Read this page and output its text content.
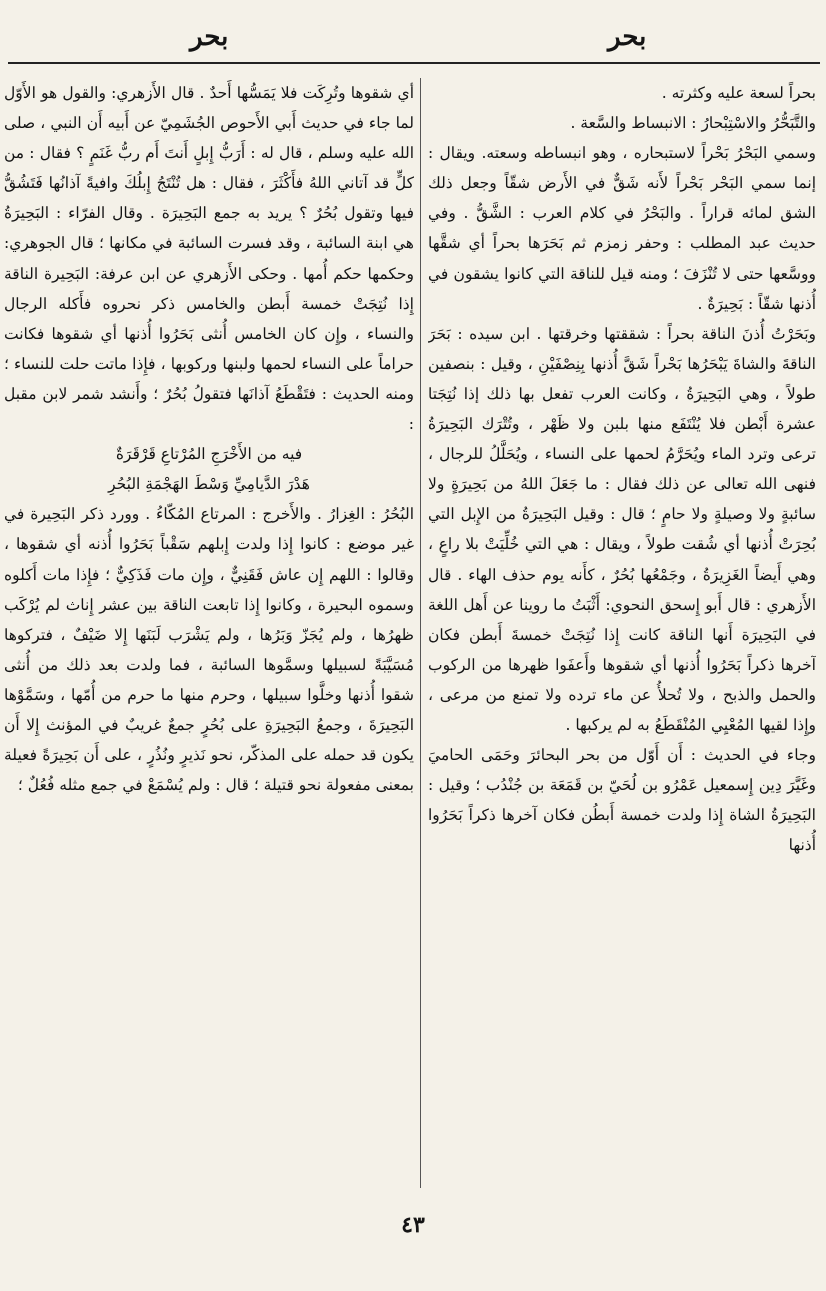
بحر	بحر

بحراً لسعة عليه وكثرته .

والتَّبَحُّرُ والاسْتِبْحارُ : الانبساط والسَّعة .

وسمي البَحْرُ بَحْراً لاستبحاره ، وهو انبساطه وسعته. ويقال : إنما سمي البَحْر بَحْراً لأَنه شَقٌّ في الأَرض شقّاً وجعل ذلك الشق لمائه قراراً . والبَحْرُ في كلام العرب : الشَّقُّ . وفي حديث عبد المطلب : وحفر زمزم ثم بَحَرَها بحراً أي شقَّها ووسَّعها حتى لا تُنْزَفَ ؛ ومنه قيل للناقة التي كانوا يشقون في أُذنها شقّاً : بَحِيرَةٌ .

وبَحَرْتُ أُذنَ الناقة بحراً : شققتها وخرقتها . ابن سيده : بَحَرَ الناقةَ والشاةَ يَبْحَرُها بَحْراً شَقَّ أُذنها بِنِصْفَيْنِ ، وقيل : بنصفين طولاً ، وهي البَحِيرَةُ ، وكانت العرب تفعل بها ذلك إذا نُتِجَتا عشرة أَبْطن فلا يُنْتَفَع منها بلبن ولا ظَهْر ، وتُتْرَك البَحِيرَةُ ترعى وترد الماء ويُحَرَّمُ لحمها على النساء ، ويُحَلَّلُ للرجال ، فنهى الله تعالى عن ذلك فقال : ما جَعَلَ اللهُ من بَحِيرَةٍ ولا سائبةٍ ولا وصيلةٍ ولا حامٍ ؛ قال : وقيل البَحِيرَةُ من الإِبل التي بُحِرَتْ أُذنها أي شُقت طولاً ، ويقال : هي التي خُلِّيَتْ بلا راعٍ ، وهي أَيضاً الغَزِيرَةُ ، وجَمْعُها بُحُرٌ ، كأَنه يوم حذف الهاء . قال الأَزهري : قال أَبو إِسحق النحوي: أَثْبَتُ ما روينا عن أَهل اللغة في البَحِيرَة أَنها الناقة كانت إِذا نُتِجَتْ خمسةَ أَبطن فكان آخرها ذكراً بَحَرُوا أُذنها أي شقوها وأَعفَوا ظهرها من الركوب والحمل والذبح ، ولا تُحلأُ عن ماء ترده ولا تمنع من مرعى ، وإِذا لقيها المُعْيِي المُنْقَطَعُ به لم يركبها .

وجاء في الحديث : أَن أَوّل من بحر البحائرَ وحَمَى الحاميَ وغَيَّرَ دِين إِسمعيل عَمْرُو بن لُحَيّ بن قَمَعَة بن جُنْدُب ؛ وقيل : البَحِيرَةُ الشاة إِذا ولدت خمسة أَبطُن فكان آخرها ذكراً بَحَرُوا أُذنها

أي شقوها وتُرِكَت فلا يَمَسُّها أَحدٌ . قال الأَزهري: والقول هو الأَوّل لما جاء في حديث أَبي الأَحوص الجُشَمِيّ عن أَبيه أَن النبي ، صلى الله عليه وسلم ، قال له : أَرَبُّ إِبلٍ أَنتَ أَم ربُّ غَنَمٍ ؟ فقال : من كلٍّ قد آتاني اللهُ فأَكْثَرَ ، فقال : هل تُنْتَجُ إِبلُكَ وافيةً آذانُها فَتَشُقُّ فيها وتقول بُحُرٌ ؟ يريد به جمع البَحِيرَة . وقال الفرّاء : البَحِيرَةُ هي ابنة السائبة ، وقد فسرت السائبة في مكانها ؛ قال الجوهري: وحكمها حكم أُمها . وحكى الأَزهري عن ابن عرفة: البَحِيرة الناقة إِذا نُتِجَتْ خمسة أَبطن والخامس ذكر نحروه فأَكله الرجال والنساء ، وإِن كان الخامس أُنثى بَحَرُوا أُذنها أي شقوها فكانت حراماً على النساء لحمها ولبنها وركوبها ، فإِذا ماتت حلت للنساء ؛ ومنه الحديث : فتَقْطَعُ آذانَها فتقولُ بُحُرٌ ؛ وأَنشد شمر لابن مقبل :

فيه من الأَخْرَجِ المُرْتاعِ قَرْقَرَةٌ

هَدْرَ الدَّيامِيِّ وَسْطَ الهَجْمَةِ البُحُرِ

البُحُرُ : الغِزارُ . والأَخرج : المرتاع المُكّاءُ . وورد ذكر البَحِيرة في غير موضع : كانوا إِذا ولدت إِبلهم سَقْباً بَحَرُوا أُذنه أي شقوها ، وقالوا : اللهم إِن عاش فَقَنِيٌّ ، وإِن مات فَذَكِيٌّ ؛ فإِذا مات أَكلوه وسموه البحيرة ، وكانوا إِذا تابعت الناقة بين عشر إِناث لم يُرْكَب ظهرُها ، ولم يُجَزّ وَبَرُها ، ولم يَشْرَب لَبَنَها إِلا ضَيْفٌ ، فتركوها مُسَيَّبَةً لسبيلها وسمَّوها السائبة ، فما ولدت بعد ذلك من أُنثى شقوا أُذنها وخلَّوا سبيلها ، وحرم منها ما حرم من أُمّها ، وسَمَّوْها البَحِيرَةَ ، وجمعُ البَحِيرَةِ على بُحُرٍ جمعٌ غريبٌ في المؤنث إِلا أَن يكون قد حمله على المذكّر، نحو نَذيرٍ ونُذُرٍ ، على أَن بَحِيرَةً فعيلة بمعنى مفعولة نحو قتيلة ؛ قال : ولم يُسْمَعْ في جمع مثله فُعُلٌ ؛

٤٣
